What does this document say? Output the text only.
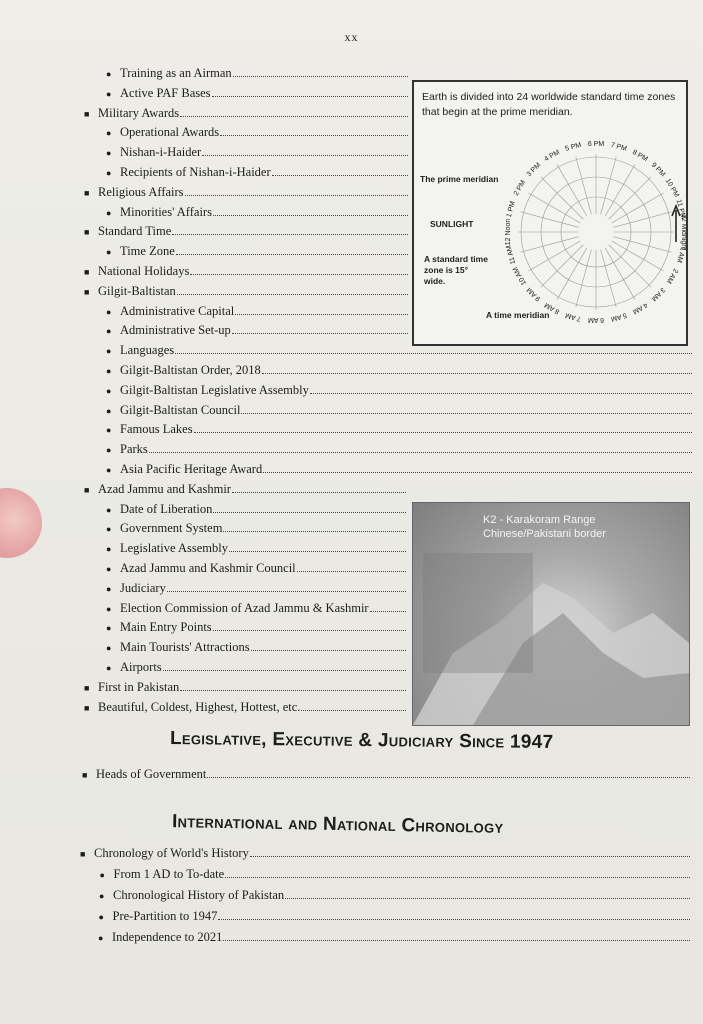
xx
Earth is divided into 24 worldwide standard time zones that begin at the prime meridian.
12 Noon
11 AM
10 AM
9 AM
8 AM
7 AM 6 AM 5 AM
4 AM
3 AM
2 AM
1 AM
12 Midnight
11 PM
10 PM
9 PM
8 PM
7 PM
6 PM
5 PM
4 PM
3 PM
2 PM
1 PM
The prime meridian
SUNLIGHT
A standard time
zone is 15°
wide.
A time meridian
K2 - Karakoram Range
Chinese/Pakistani border
● Training as an Airman
● Active PAF Bases
■ Military Awards
● Operational Awards
● Nishan-i-Haider
● Recipients of Nishan-i-Haider
■ Religious Affairs
● Minorities' Affairs
■ Standard Time
● Time Zone
■ National Holidays
■ Gilgit-Baltistan
● Administrative Capital
● Administrative Set-up
● Languages
● Gilgit-Baltistan Order, 2018
● Gilgit-Baltistan Legislative Assembly
● Gilgit-Baltistan Council
● Famous Lakes
● Parks
● Asia Pacific Heritage Award
■ Azad Jammu and Kashmir
● Date of Liberation
● Government System
● Legislative Assembly
● Azad Jammu and Kashmir Council
● Judiciary
● Election Commission of Azad Jammu & Kashmir
● Main Entry Points
● Main Tourists' Attractions
● Airports
■ First in Pakistan
■ Beautiful, Coldest, Highest, Hottest, etc.
Legislative, Executive & Judiciary Since 1947
■ Heads of Government
International and National Chronology
■ Chronology of World's History
● From 1 AD to To-date
● Chronological History of Pakistan
● Pre-Partition to 1947
● Independence to 2021
